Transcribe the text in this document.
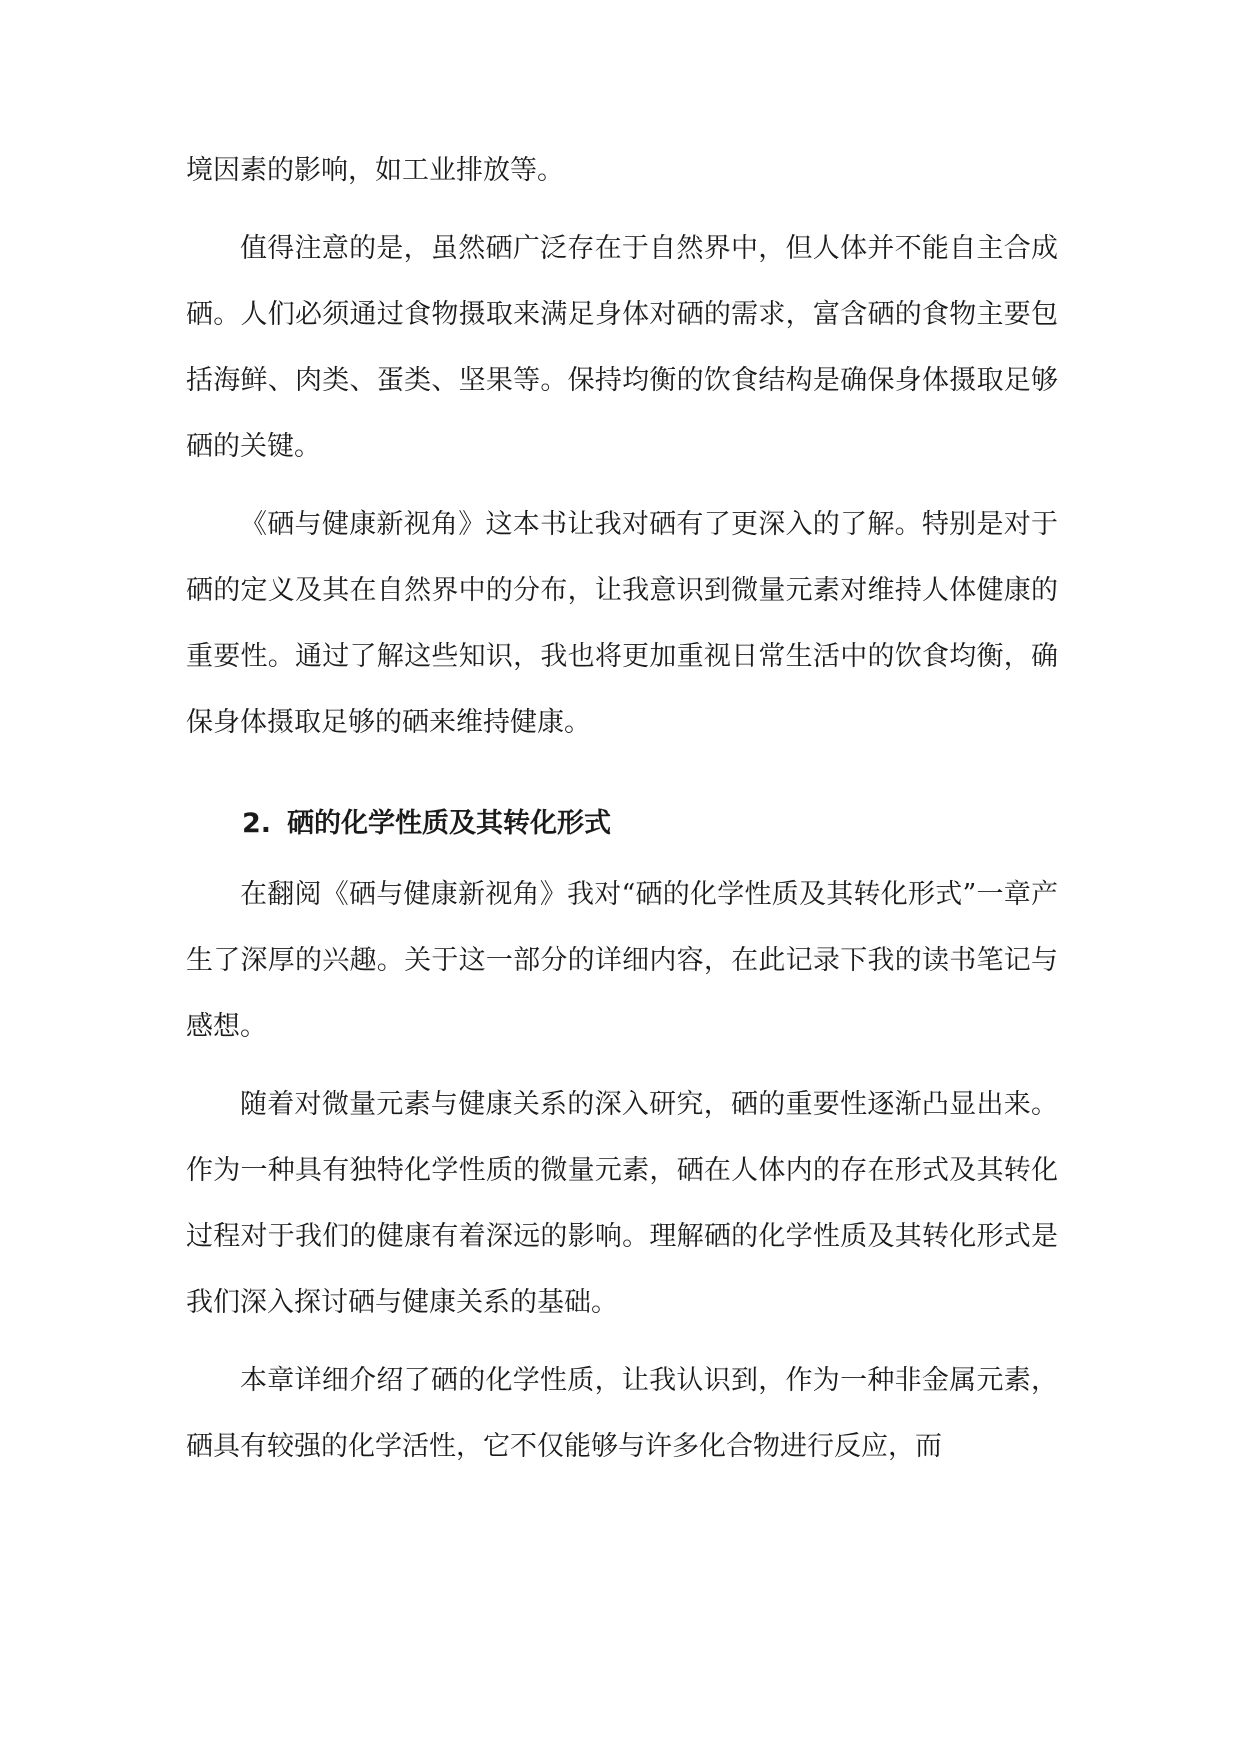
境因素的影响，如工业排放等。

值得注意的是，虽然硒广泛存在于自然界中，但人体并不能自主合成硒。人们必须通过食物摄取来满足身体对硒的需求，富含硒的食物主要包括海鲜、肉类、蛋类、坚果等。保持均衡的饮食结构是确保身体摄取足够硒的关键。

《硒与健康新视角》这本书让我对硒有了更深入的了解。特别是对于硒的定义及其在自然界中的分布，让我意识到微量元素对维持人体健康的重要性。通过了解这些知识，我也将更加重视日常生活中的饮食均衡，确保身体摄取足够的硒来维持健康。

2. 硒的化学性质及其转化形式

在翻阅《硒与健康新视角》我对“硒的化学性质及其转化形式”一章产生了深厚的兴趣。关于这一部分的详细内容，在此记录下我的读书笔记与感想。

随着对微量元素与健康关系的深入研究，硒的重要性逐渐凸显出来。作为一种具有独特化学性质的微量元素，硒在人体内的存在形式及其转化过程对于我们的健康有着深远的影响。理解硒的化学性质及其转化形式是我们深入探讨硒与健康关系的基础。

本章详细介绍了硒的化学性质，让我认识到，作为一种非金属元素，硒具有较强的化学活性，它不仅能够与许多化合物进行反应，而
